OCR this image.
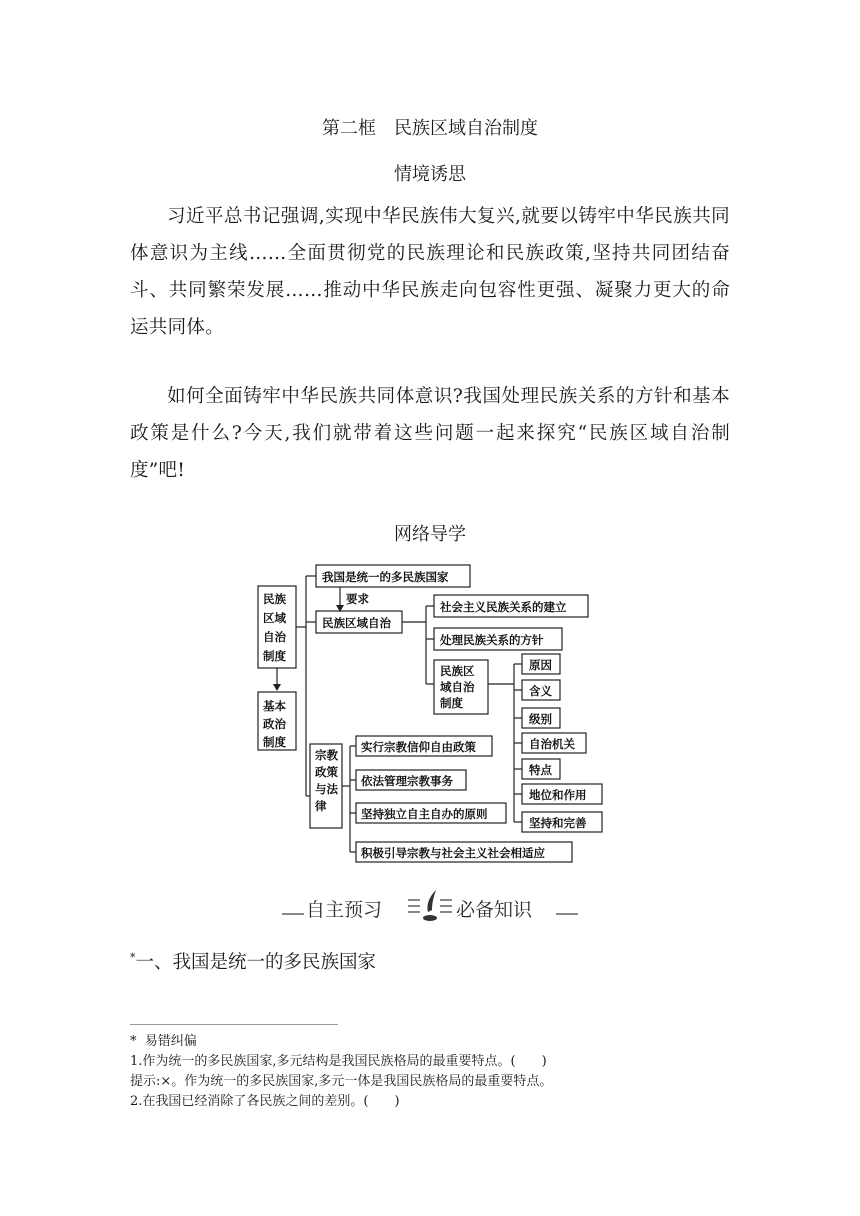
第二框　民族区域自治制度
情境诱思
习近平总书记强调,实现中华民族伟大复兴,就要以铸牢中华民族共同体意识为主线……全面贯彻党的民族理论和民族政策,坚持共同团结奋斗、共同繁荣发展……推动中华民族走向包容性更强、凝聚力更大的命运共同体。
如何全面铸牢中华民族共同体意识?我国处理民族关系的方针和基本政策是什么?今天,我们就带着这些问题一起来探究“民族区域自治制度”吧!
网络导学
民族区域自治制度
基本政治制度
我国是统一的多民族国家
要求
民族区域自治
社会主义民族关系的建立
处理民族关系的方针
民族区域自治制度
原因
含义
级别
自治机关
特点
地位和作用
坚持和完善
宗教政策与法律
实行宗教信仰自由政策
依法管理宗教事务
坚持独立自主自办的原则
积极引导宗教与社会主义社会相适应
自主预习	必备知识
*一、我国是统一的多民族国家
* 易错纠偏
1.作为统一的多民族国家,多元结构是我国民族格局的最重要特点。(　　)
提示:×。作为统一的多民族国家,多元一体是我国民族格局的最重要特点。
2.在我国已经消除了各民族之间的差别。(　　)
